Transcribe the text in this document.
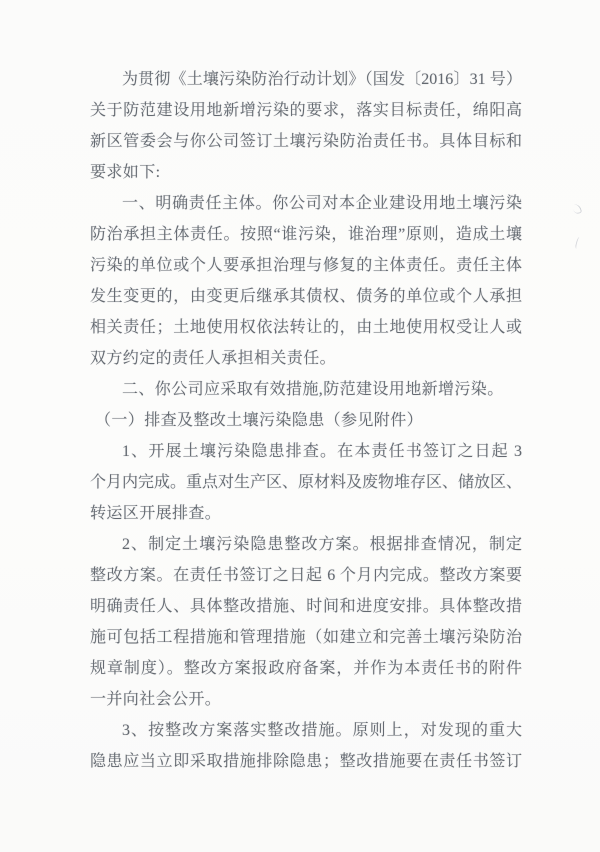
为贯彻《土壤污染防治行动计划》（国发〔2016〕31 号）
关于防范建设用地新增污染的要求，落实目标责任，绵阳高
新区管委会与你公司签订土壤污染防治责任书。具体目标和
要求如下:
一、明确责任主体。你公司对本企业建设用地土壤污染
防治承担主体责任。按照“谁污染，谁治理”原则，造成土壤
污染的单位或个人要承担治理与修复的主体责任。责任主体
发生变更的，由变更后继承其债权、债务的单位或个人承担
相关责任；土地使用权依法转让的，由土地使用权受让人或
双方约定的责任人承担相关责任。
二、你公司应采取有效措施,防范建设用地新增污染。
（一）排查及整改土壤污染隐患（参见附件）
1、开展土壤污染隐患排查。在本责任书签订之日起 3
个月内完成。重点对生产区、原材料及废物堆存区、储放区、
转运区开展排查。
2、制定土壤污染隐患整改方案。根据排查情况，制定
整改方案。在责任书签订之日起 6 个月内完成。整改方案要
明确责任人、具体整改措施、时间和进度安排。具体整改措
施可包括工程措施和管理措施（如建立和完善土壤污染防治
规章制度）。整改方案报政府备案，并作为本责任书的附件
一并向社会公开。
3、按整改方案落实整改措施。原则上，对发现的重大
隐患应当立即采取措施排除隐患；整改措施要在责任书签订
